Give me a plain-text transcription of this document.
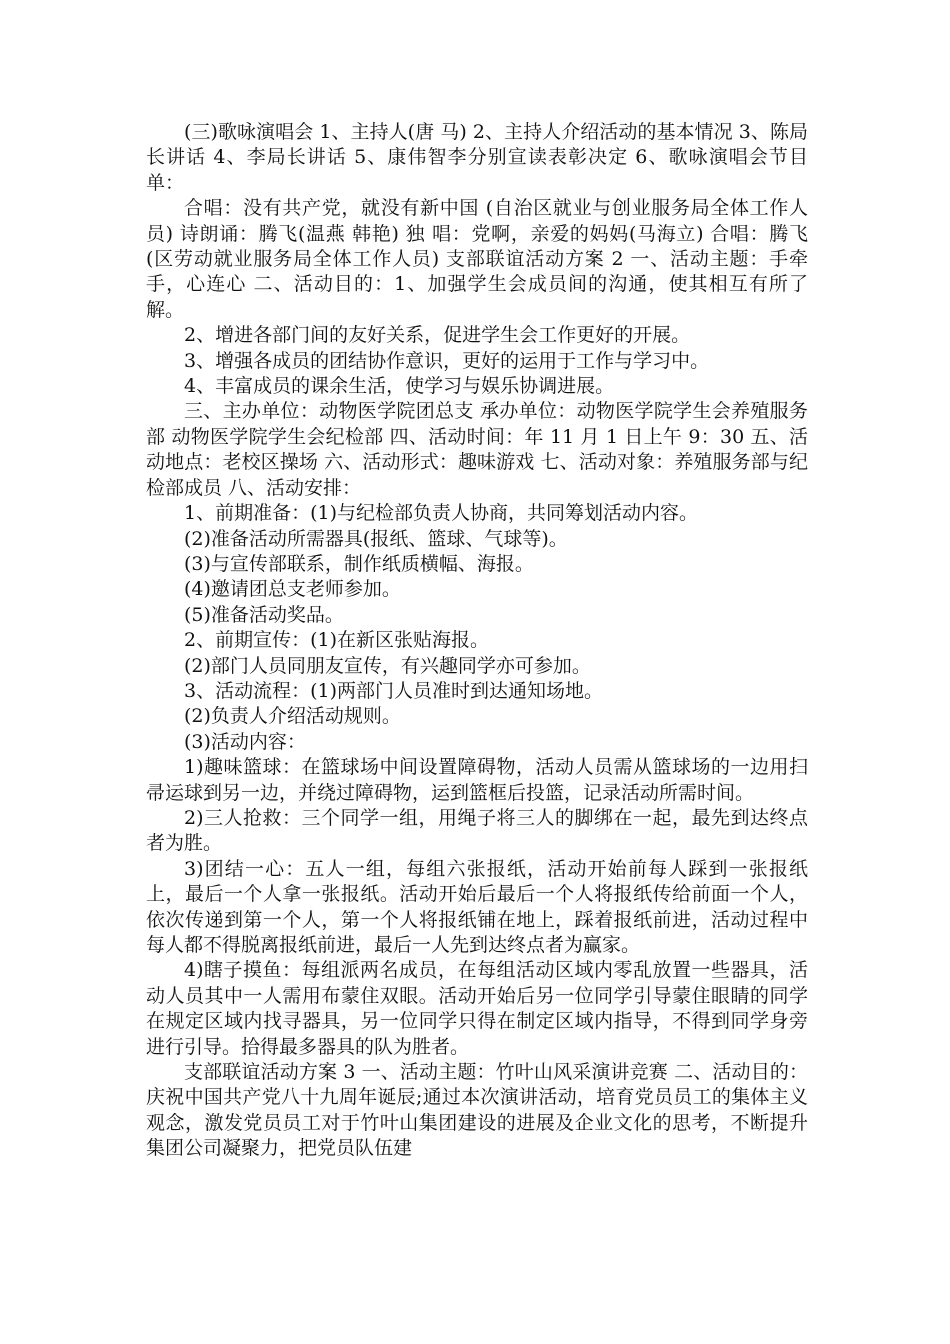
(三)歌咏演唱会 1、主持人(唐 马) 2、主持人介绍活动的基本情况 3、陈局长讲话 4、李局长讲话 5、康伟智李分别宣读表彰决定 6、歌咏演唱会节目单：

合唱：没有共产党，就没有新中国 (自治区就业与创业服务局全体工作人员) 诗朗诵：腾飞(温燕 韩艳) 独 唱：党啊，亲爱的妈妈(马海立) 合唱：腾飞 (区劳动就业服务局全体工作人员) 支部联谊活动方案 2 一、活动主题：手牵手，心连心 二、活动目的：1、加强学生会成员间的沟通，使其相互有所了解。

2、增进各部门间的友好关系，促进学生会工作更好的开展。

3、增强各成员的团结协作意识，更好的运用于工作与学习中。

4、丰富成员的课余生活，使学习与娱乐协调进展。

三、主办单位：动物医学院团总支 承办单位：动物医学院学生会养殖服务部 动物医学院学生会纪检部 四、活动时间：年 11 月 1 日上午 9：30 五、活动地点：老校区操场 六、活动形式：趣味游戏 七、活动对象：养殖服务部与纪检部成员 八、活动安排：

1、前期准备：(1)与纪检部负责人协商，共同筹划活动内容。

(2)准备活动所需器具(报纸、篮球、气球等)。

(3)与宣传部联系，制作纸质横幅、海报。

(4)邀请团总支老师参加。

(5)准备活动奖品。

2、前期宣传：(1)在新区张贴海报。

(2)部门人员同朋友宣传，有兴趣同学亦可参加。

3、活动流程：(1)两部门人员准时到达通知场地。

(2)负责人介绍活动规则。

(3)活动内容：

1)趣味篮球：在篮球场中间设置障碍物，活动人员需从篮球场的一边用扫帚运球到另一边，并绕过障碍物，运到篮框后投篮，记录活动所需时间。

2)三人抢救：三个同学一组，用绳子将三人的脚绑在一起，最先到达终点者为胜。

3)团结一心：五人一组，每组六张报纸，活动开始前每人踩到一张报纸上，最后一个人拿一张报纸。活动开始后最后一个人将报纸传给前面一个人，依次传递到第一个人，第一个人将报纸铺在地上，踩着报纸前进，活动过程中每人都不得脱离报纸前进，最后一人先到达终点者为赢家。

4)瞎子摸鱼：每组派两名成员，在每组活动区域内零乱放置一些器具，活动人员其中一人需用布蒙住双眼。活动开始后另一位同学引导蒙住眼睛的同学在规定区域内找寻器具，另一位同学只得在制定区域内指导，不得到同学身旁进行引导。拾得最多器具的队为胜者。

支部联谊活动方案 3 一、活动主题：竹叶山风采演讲竞赛 二、活动目的：庆祝中国共产党八十九周年诞辰;通过本次演讲活动，培育党员员工的集体主义观念，激发党员员工对于竹叶山集团建设的进展及企业文化的思考，不断提升集团公司凝聚力，把党员队伍建
